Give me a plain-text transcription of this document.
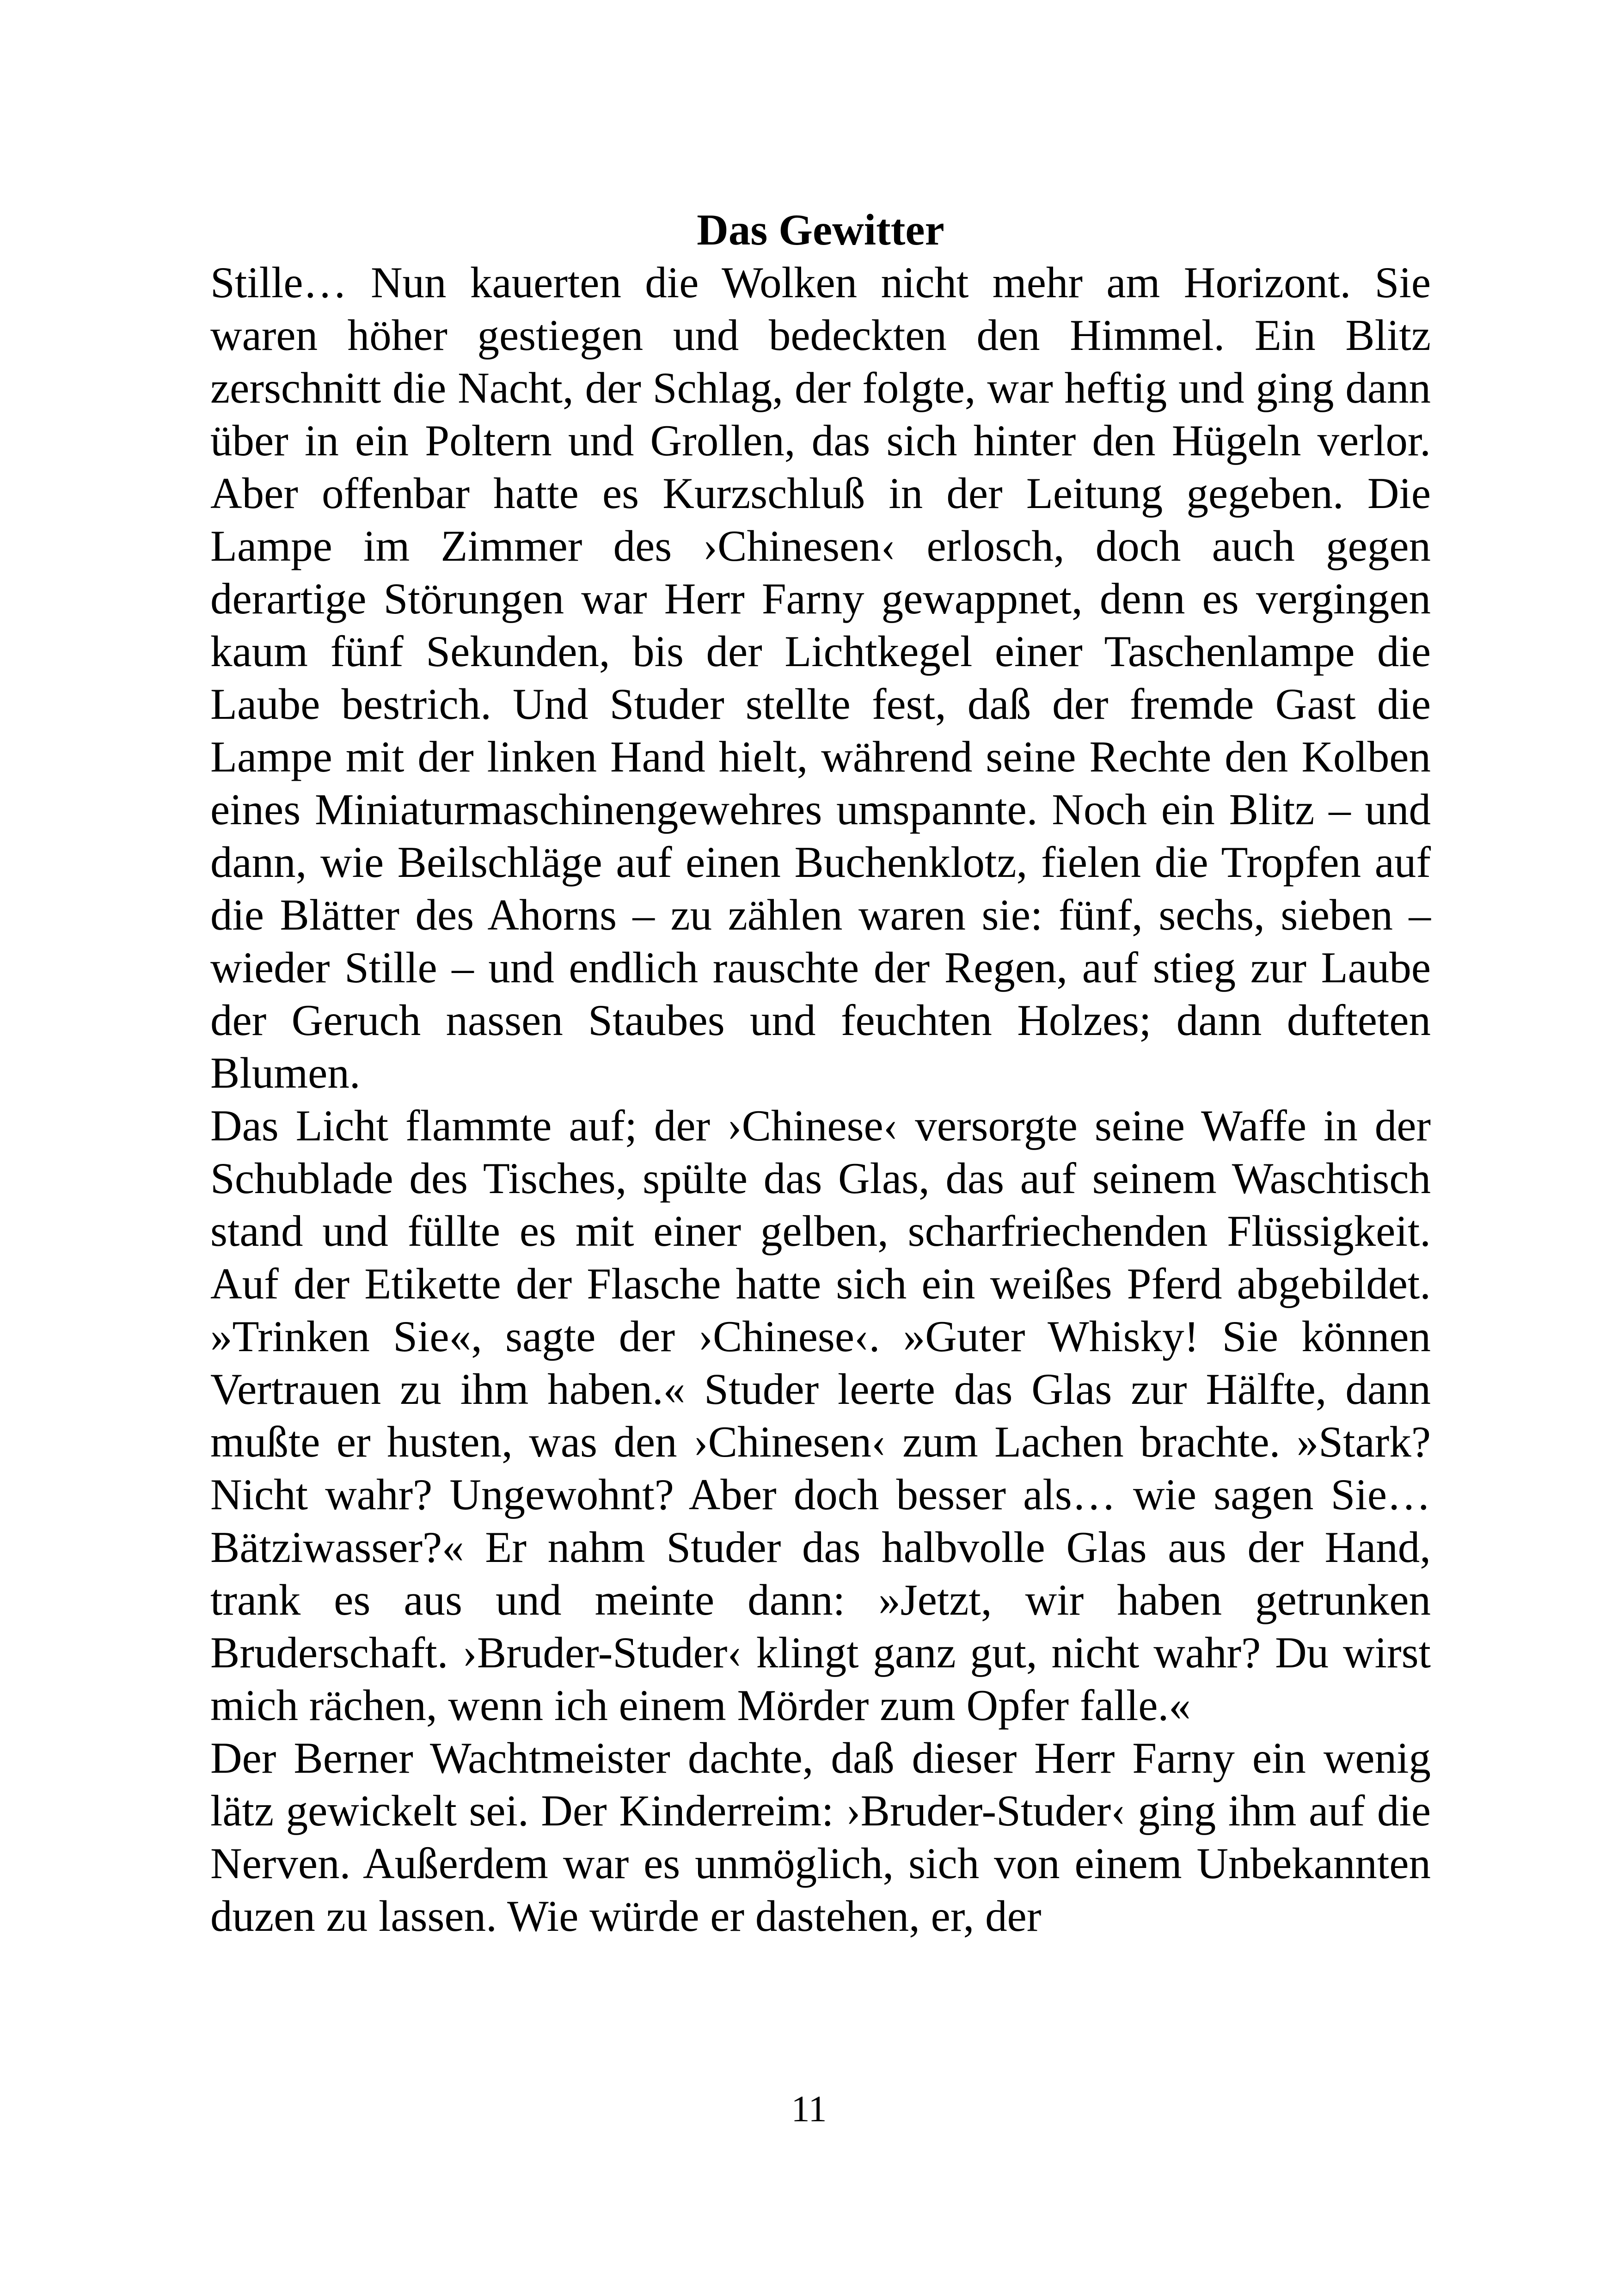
Das Gewitter

Stille… Nun kauerten die Wolken nicht mehr am Horizont. Sie waren höher gestiegen und bedeckten den Himmel. Ein Blitz zerschnitt die Nacht, der Schlag, der folgte, war heftig und ging dann über in ein Poltern und Grollen, das sich hinter den Hügeln verlor. Aber offenbar hatte es Kurzschluß in der Leitung gegeben. Die Lampe im Zimmer des ›Chinesen‹ erlosch, doch auch gegen derartige Störungen war Herr Farny gewappnet, denn es vergingen kaum fünf Sekunden, bis der Lichtkegel einer Taschenlampe die Laube bestrich. Und Studer stellte fest, daß der fremde Gast die Lampe mit der linken Hand hielt, während seine Rechte den Kolben eines Miniaturmaschinengewehres umspannte. Noch ein Blitz – und dann, wie Beilschläge auf einen Buchenklotz, fielen die Tropfen auf die Blätter des Ahorns – zu zählen waren sie: fünf, sechs, sieben – wieder Stille – und endlich rauschte der Regen, auf stieg zur Laube der Geruch nassen Staubes und feuchten Holzes; dann dufteten Blumen.

Das Licht flammte auf; der ›Chinese‹ versorgte seine Waffe in der Schublade des Tisches, spülte das Glas, das auf seinem Waschtisch stand und füllte es mit einer gelben, scharfriechenden Flüssigkeit. Auf der Etikette der Flasche hatte sich ein weißes Pferd abgebildet. »Trinken Sie«, sagte der ›Chinese‹. »Guter Whisky! Sie können Vertrauen zu ihm haben.« Studer leerte das Glas zur Hälfte, dann mußte er husten, was den ›Chinesen‹ zum Lachen brachte. »Stark? Nicht wahr? Ungewohnt? Aber doch besser als… wie sagen Sie… Bätziwasser?« Er nahm Studer das halbvolle Glas aus der Hand, trank es aus und meinte dann: »Jetzt, wir haben getrunken Bruderschaft. ›Bruder-Studer‹ klingt ganz gut, nicht wahr? Du wirst mich rächen, wenn ich einem Mörder zum Opfer falle.«

Der Berner Wachtmeister dachte, daß dieser Herr Farny ein wenig lätz gewickelt sei. Der Kinderreim: ›Bruder-Studer‹ ging ihm auf die Nerven. Außerdem war es unmöglich, sich von einem Unbekannten duzen zu lassen. Wie würde er dastehen, er, der

11
